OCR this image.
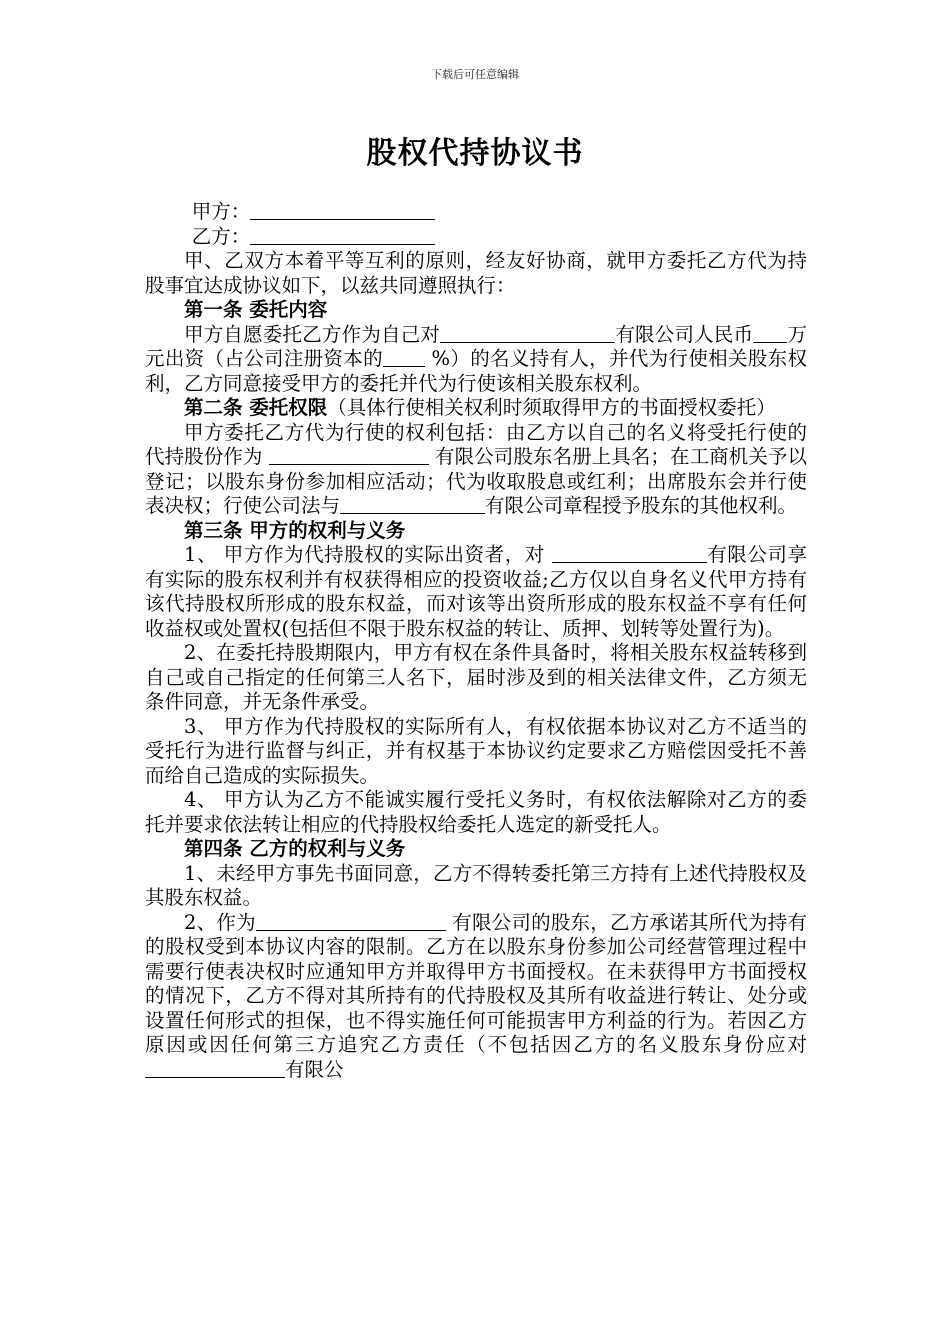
下载后可任意编辑
股权代持协议书

甲方：

乙方：

甲、乙双方本着平等互利的原则，经友好协商，就甲方委托乙方代为持股事宜达成协议如下，以兹共同遵照执行：

第一条 委托内容

甲方自愿委托乙方作为自己对	有限公司人民币 万元出资（占公司注册资本的 %）的名义持有人，并代为行使相关股东权利，乙方同意接受甲方的委托并代为行使该相关股东权利。

第二条 委托权限（具体行使相关权利时须取得甲方的书面授权委托）

甲方委托乙方代为行使的权利包括：由乙方以自己的名义将受托行使的代持股份作为	有限公司股东名册上具名；在工商机关予以登记；以股东身份参加相应活动；代为收取股息或红利；出席股东会并行使表决权；行使公司法与	有限公司章程授予股东的其他权利。

第三条 甲方的权利与义务

1、 甲方作为代持股权的实际出资者，对	有限公司享有实际的股东权利并有权获得相应的投资收益;乙方仅以自身名义代甲方持有该代持股权所形成的股东权益，而对该等出资所形成的股东权益不享有任何收益权或处置权(包括但不限于股东权益的转让、质押、划转等处置行为)。

2、在委托持股期限内，甲方有权在条件具备时，将相关股东权益转移到自己或自己指定的任何第三人名下，届时涉及到的相关法律文件，乙方须无条件同意，并无条件承受。

3、 甲方作为代持股权的实际所有人，有权依据本协议对乙方不适当的受托行为进行监督与纠正，并有权基于本协议约定要求乙方赔偿因受托不善而给自己造成的实际损失。

4、 甲方认为乙方不能诚实履行受托义务时，有权依法解除对乙方的委托并要求依法转让相应的代持股权给委托人选定的新受托人。

第四条 乙方的权利与义务

1、未经甲方事先书面同意，乙方不得转委托第三方持有上述代持股权及其股东权益。

2、作为	有限公司的股东，乙方承诺其所代为持有的股权受到本协议内容的限制。乙方在以股东身份参加公司经营管理过程中需要行使表决权时应通知甲方并取得甲方书面授权。在未获得甲方书面授权的情况下，乙方不得对其所持有的代持股权及其所有收益进行转让、处分或设置任何形式的担保，也不得实施任何可能损害甲方利益的行为。若因乙方原因或因任何第三方追究乙方责任（不包括因乙方的名义股东身份应对有限公
